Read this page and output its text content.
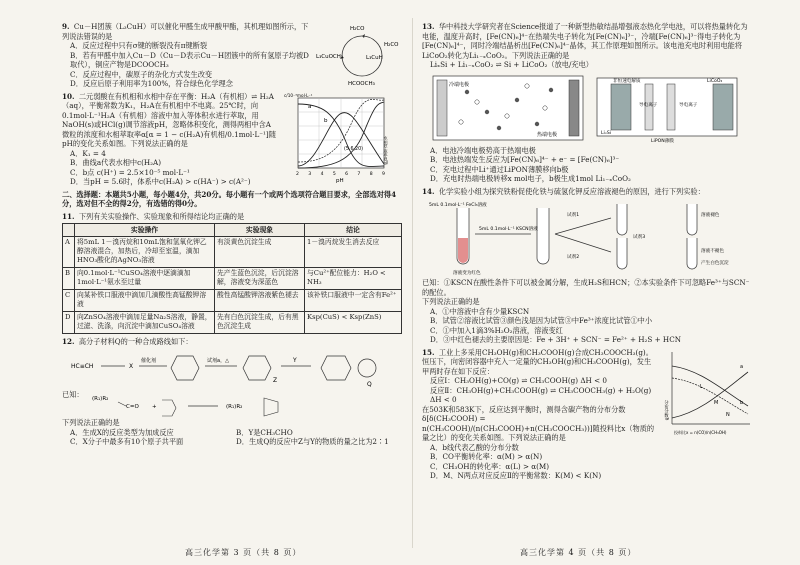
9. Cu－H团簇（L₃CuH）可以催化甲醛生成甲酸甲酯，其机理如图所示，下列说法错误的是
A．反应过程中只有σ键的断裂没有π键断裂
B．若有甲醛中加入Cu－D（Cu－D表示Cu－H团簇中的所有氢原子均被D取代），铜应产物是DCOOCH₃
C．反应过程中，碳原子的杂化方式发生改变
D．反应后原子利用率为100%，符合绿色化学理念
H₂CO
L₃CuH
H₂CO
L₃CuOCH₃
HCOOCH₃
10. 二元弱酸在有机相和水相中存在平衡：H₂A（有机相）⇌ H₂A（aq），平衡常数为K₁，H₂A在有机相中不电离。25℃时，向0.1mol·L⁻¹H₂A（有机相）溶液中加入等体积水进行萃取，用NaOH(s)或HCl(g)调节溶液pH，忽略体积变化，测得两相中含A微粒的浓度和水相萃取率α[α = 1 − c(H₂A)有机相/0.1mol·L⁻¹]随pH的变化关系如图。下列说法正确的是
A．K₁ = 4
B．曲线a代表水相中c(H₂A)
C．b点 c(H⁺) = 2.5×10⁻⁵ mol·L⁻¹
D．当pH = 5.6时，体系中c(H₂A) > c(HA⁻) > c(A²⁻)
a
b
(5.6,20)
2 3 4 5 6 7 8 9
pH
c/10⁻³mol·L⁻¹
水相萃取率α/%
二、选择题：本题共5小题，每小题4分，共20分。每小题有一个或两个选项符合题目要求，全部选对得4分，选对但不全的得2分，有选错的得0分。
11. 下列有关实验操作、实验现象和所得结论均正确的是
	实验操作	实验现象	结论
A	将5mL 1－溴丙烷和10mL饱和氢氧化钾乙醇溶液混合，加热后，冷却至室温，滴加HNO₃酸化的AgNO₃溶液	有淡黄色沉淀生成	1－溴丙烷发生消去反应
B	向0.1mol·L⁻¹CuSO₄溶液中逐滴滴加1mol·L⁻¹氨水至过量	先产生蓝色沉淀，后沉淀溶解，溶液变为深蓝色	与Cu²⁺配位能力：H₂O < NH₃
C	向某补铁口服液中滴加几滴酸性高锰酸钾溶液	酸性高锰酸钾溶液紫色褪去	该补铁口服液中一定含有Fe²⁺
D	向ZnSO₄溶液中滴加足量Na₂S溶液，静置，过滤、洗涤，向沉淀中滴加CuSO₄溶液	先有白色沉淀生成，后有黑色沉淀生成	Ksp(CuS) < Ksp(ZnS)
12. 高分子材料Q的一种合成路线如下：
HC≡CH	X
催化剂	试剂a，△
Z
Y
Q
已知： (R₁)R₂
C=O +	(R₁)R₂
下列说法正确的是
A．生成X的反应类型为加成反应	B．Y是CH₃CHO
C．X分子中最多有10个原子共平面	D．生成Q的反应中Z与Y的物质的量之比为2∶1
高三化学第 3 页（共 8 页）
13. 华中科技大学研究者在Science报道了一种新型热敏结晶增强液态热化学电池，可以将热量转化为电能，温度升高时，[Fe(CN)₆]⁴⁻在热端失电子转化为[Fe(CN)₆]³⁻，冷端[Fe(CN)₆]³⁻得电子转化为[Fe(CN)₆]⁴⁻，同时冷端结晶析出[Fe(CN)₆]⁴⁻晶体，其工作原理如图所示。该电池充电时利用电能将LiCoO₂转化为Li₁₋ₓCoO₂。下列说法正确的是
LiₓSi + Li₁₋ₓCoO₂ ⇌ Si + LiCoO₂（放电/充电）
冷端电极
热端电极
非恒速电解质
导电离子	导电离子
LiCoO₂
LiₓSi
LiPON薄膜
A．电池冷端电极势高于热端电极
B．电池热端发生反应为[Fe(CN)₆]⁴⁻ + e⁻ = [Fe(CN)₆]³⁻
C．充电过程中Li⁺通过LiPON薄膜移向b极
D．充电时热端电极转移x mol电子，b极生成1mol Li₁₋ₓCoO₂
14. 化学实验小组为探究铁粉促使化铁与硫氢化钾反应溶液褪色的原因，进行下列实验：
5mL 0.1mol·L⁻¹ FeCl₃溶液
5mL 0.1mol·L⁻¹ KSCN溶液
试剂1
试剂2
试剂3
溶液变为红色
溶液褪色
溶液不褪色
产生白色沉淀
已知：①KSCN在酸性条件下可以被金属分解，生成H₂S和HCN；②本实验条件下可忽略Fe³⁺与SCN⁻的配位。
下列说法正确的是
A．①中溶液中含有少量KSCN
B．试管②溶液比试管③颜色浅是因为试管③中Fe³⁺浓度比试管①中小
C．①中加入1滴3%H₂O₂溶液，溶液变红
D．③中红色褪去的主要原因是：Fe + 3H⁺ + SCN⁻ = Fe²⁺ + H₂S + HCN
15. 工业上多采用CH₃OH(g)和CH₃COOH(g)合成CH₃COOCH₃(g)。恒压下，向密闭容器中充入一定量的CH₃OH(g)和CH₃COOH(g)，发生甲两时存在如下反应：
反应Ⅰ：CH₃OH(g)+CO(g) ⇌ CH₃COOH(g) ΔH < 0
反应Ⅱ：CH₃OH(g)+CH₃COOH(g) ⇌ CH₃COOCH₃(g) + H₂O(g) ΔH < 0
在503K和583K下，反应达到平衡时，测得含碳产物的分布分数δ[δ(CH₃COOH) = n(CH₃COOH)/(n(CH₃COOH)+n(CH₃COOCH₃))]随投料比x（物质的量之比）的变化关系如图。下列说法正确的是
A．b线代表乙酸的分布分数
B．CO平衡转化率：α(M) > α(N)
C．CH₃OH的转化率：α(L) > α(M)
D．M、N两点对应反应Ⅱ的平衡常数：K(M) < K(N)
a
b
L
M
N
分布分数δ
投料比x = n(CO)/n(CH₃OH)
高三化学第 4 页（共 8 页）
